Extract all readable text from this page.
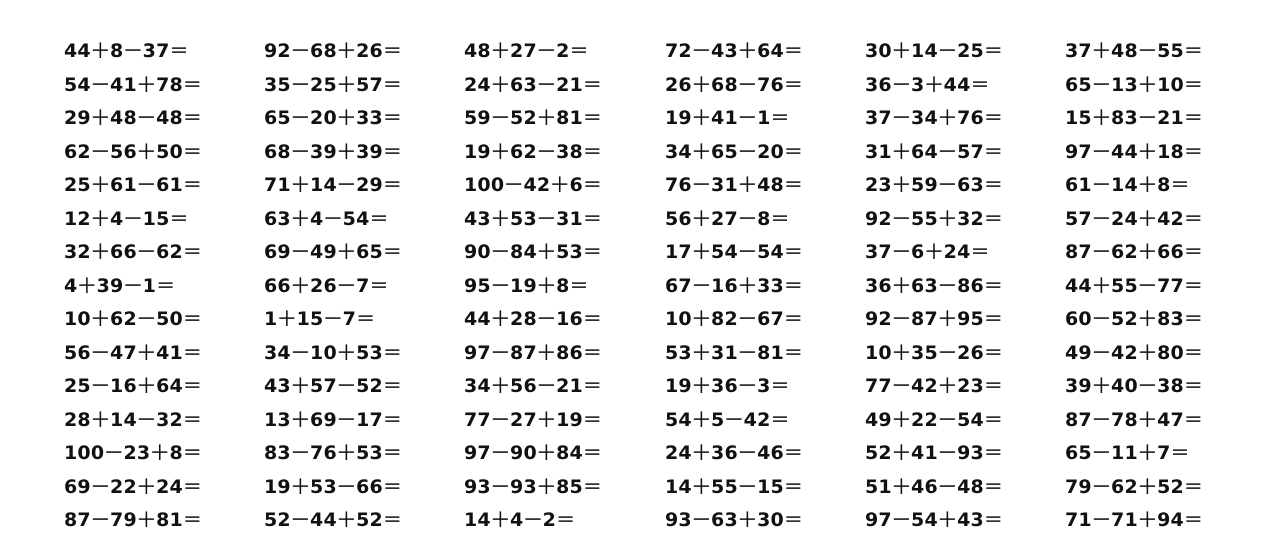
44＋8－37＝	92－68＋26＝	48＋27－2＝	72－43＋64＝	30＋14－25＝	37＋48－55＝
54－41＋78＝	35－25＋57＝	24＋63－21＝	26＋68－76＝	36－3＋44＝	65－13＋10＝
29＋48－48＝	65－20＋33＝	59－52＋81＝	19＋41－1＝	37－34＋76＝	15＋83－21＝
62－56＋50＝	68－39＋39＝	19＋62－38＝	34＋65－20＝	31＋64－57＝	97－44＋18＝
25＋61－61＝	71＋14－29＝	100－42＋6＝	76－31＋48＝	23＋59－63＝	61－14＋8＝
12＋4－15＝	63＋4－54＝	43＋53－31＝	56＋27－8＝	92－55＋32＝	57－24＋42＝
32＋66－62＝	69－49＋65＝	90－84＋53＝	17＋54－54＝	37－6＋24＝	87－62＋66＝
4＋39－1＝	66＋26－7＝	95－19＋8＝	67－16＋33＝	36＋63－86＝	44＋55－77＝
10＋62－50＝	1＋15－7＝	44＋28－16＝	10＋82－67＝	92－87＋95＝	60－52＋83＝
56－47＋41＝	34－10＋53＝	97－87＋86＝	53＋31－81＝	10＋35－26＝	49－42＋80＝
25－16＋64＝	43＋57－52＝	34＋56－21＝	19＋36－3＝	77－42＋23＝	39＋40－38＝
28＋14－32＝	13＋69－17＝	77－27＋19＝	54＋5－42＝	49＋22－54＝	87－78＋47＝
100－23＋8＝	83－76＋53＝	97－90＋84＝	24＋36－46＝	52＋41－93＝	65－11＋7＝
69－22＋24＝	19＋53－66＝	93－93＋85＝	14＋55－15＝	51＋46－48＝	79－62＋52＝
87－79＋81＝	52－44＋52＝	14＋4－2＝	93－63＋30＝	97－54＋43＝	71－71＋94＝
